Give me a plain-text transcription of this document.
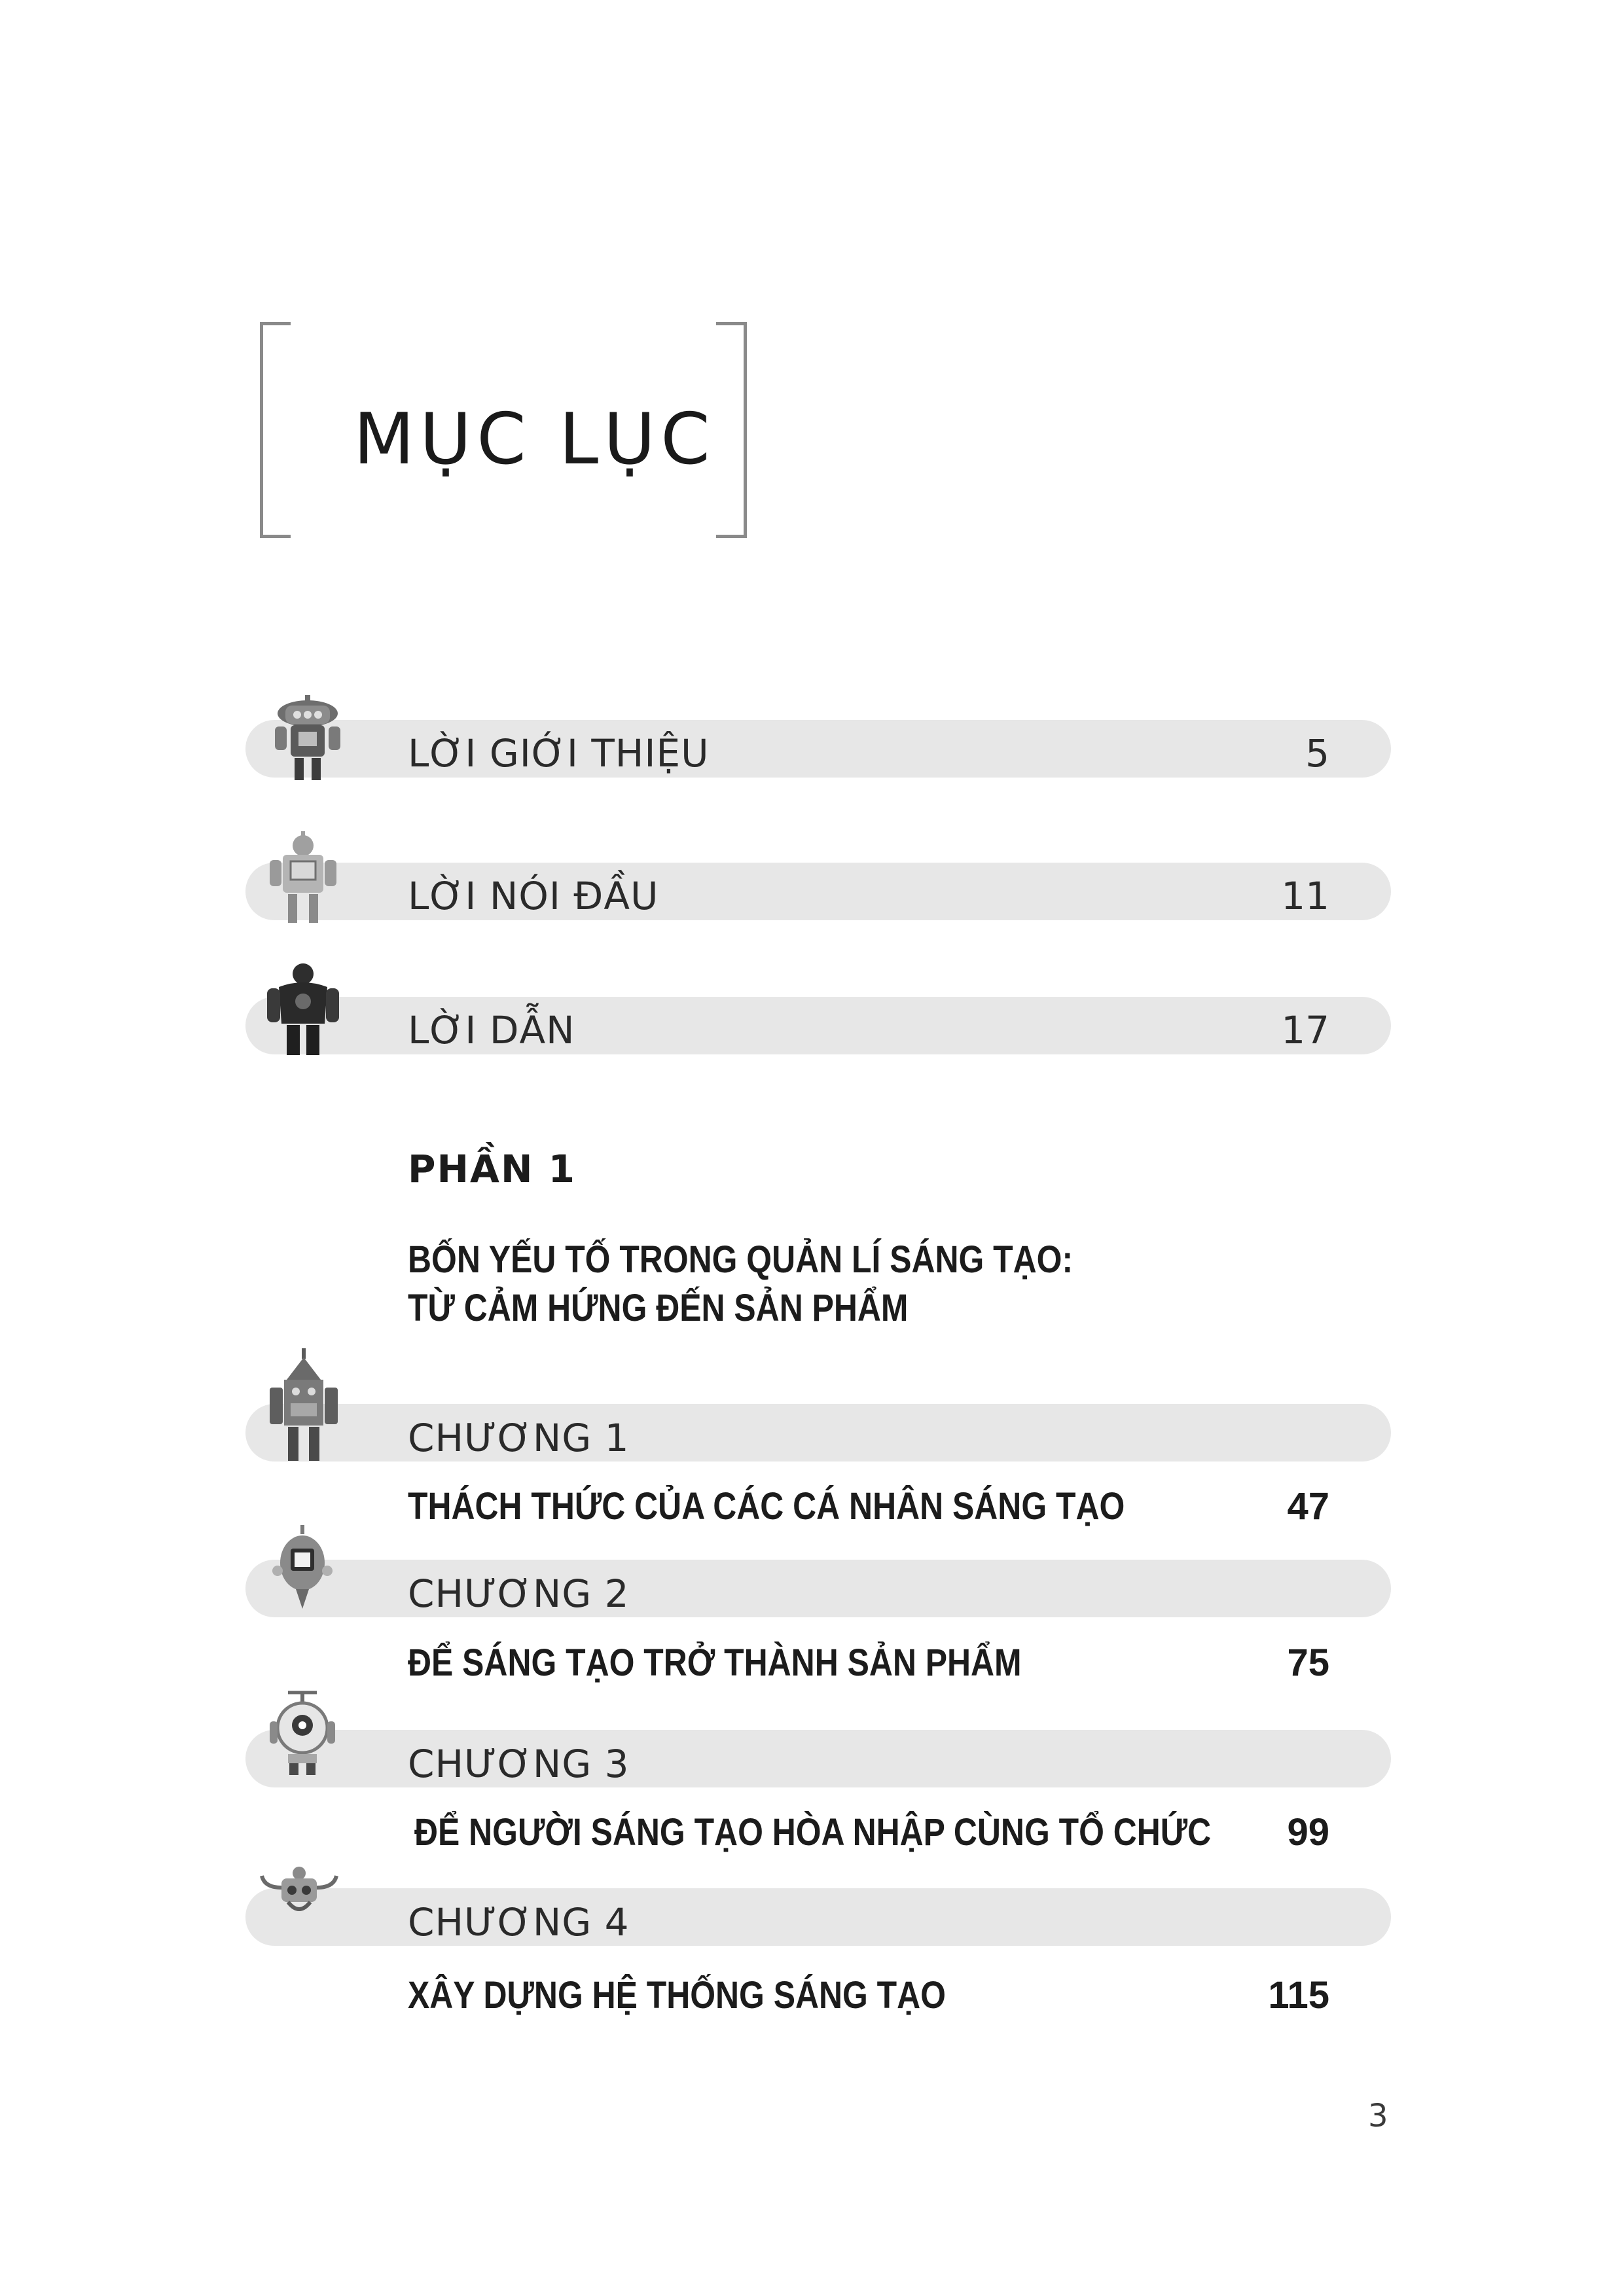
MỤC LỤC
LỜI GIỚI THIỆU	5
LỜI NÓI ĐẦU	11
LỜI DẪN	17
PHẦN 1
BỐN YẾU TỐ TRONG QUẢN LÍ SÁNG TẠO:
TỪ CẢM HỨNG ĐẾN SẢN PHẨM
CHƯƠNG 1
THÁCH THỨC CỦA CÁC CÁ NHÂN SÁNG TẠO	47
CHƯƠNG 2
ĐỂ SÁNG TẠO TRỞ THÀNH SẢN PHẨM	75
CHƯƠNG 3
ĐỂ NGƯỜI SÁNG TẠO HÒA NHẬP CÙNG TỔ CHỨC 99
CHƯƠNG 4
XÂY DỰNG HỆ THỐNG SÁNG TẠO	115
3
